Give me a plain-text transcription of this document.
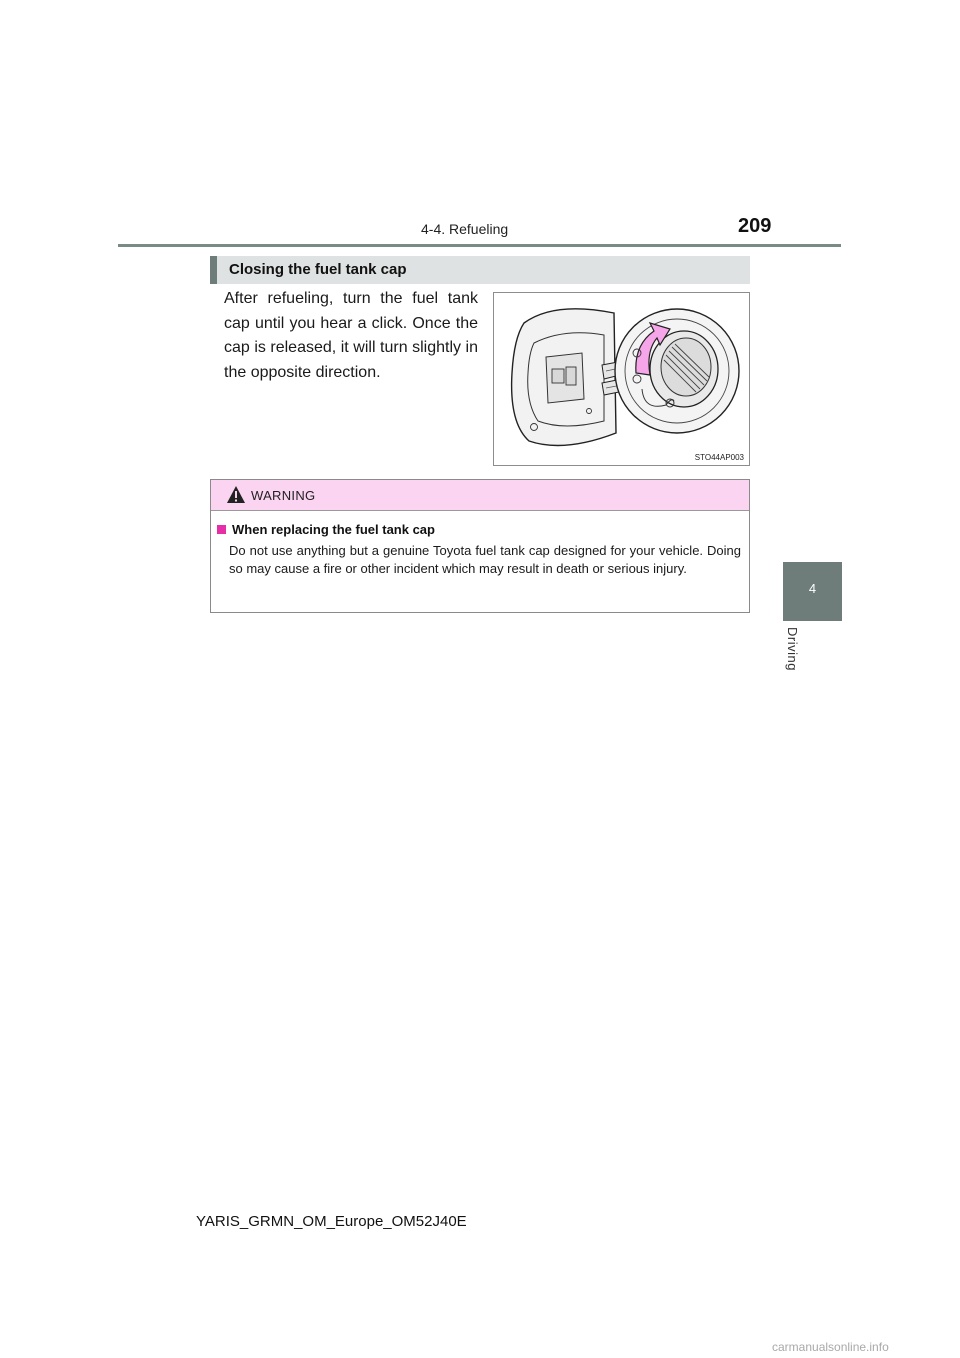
4-4. Refueling	209
4
Driving
Closing the fuel tank cap
After refueling, turn the fuel tank cap until you hear a click. Once the cap is released, it will turn slightly in the opposite direction.
STO44AP003
WARNING
When replacing the fuel tank cap
Do not use anything but a genuine Toyota fuel tank cap designed for your vehicle. Doing so may cause a fire or other incident which may result in death or serious injury.
YARIS_GRMN_OM_Europe_OM52J40E
carmanualsonline.info
